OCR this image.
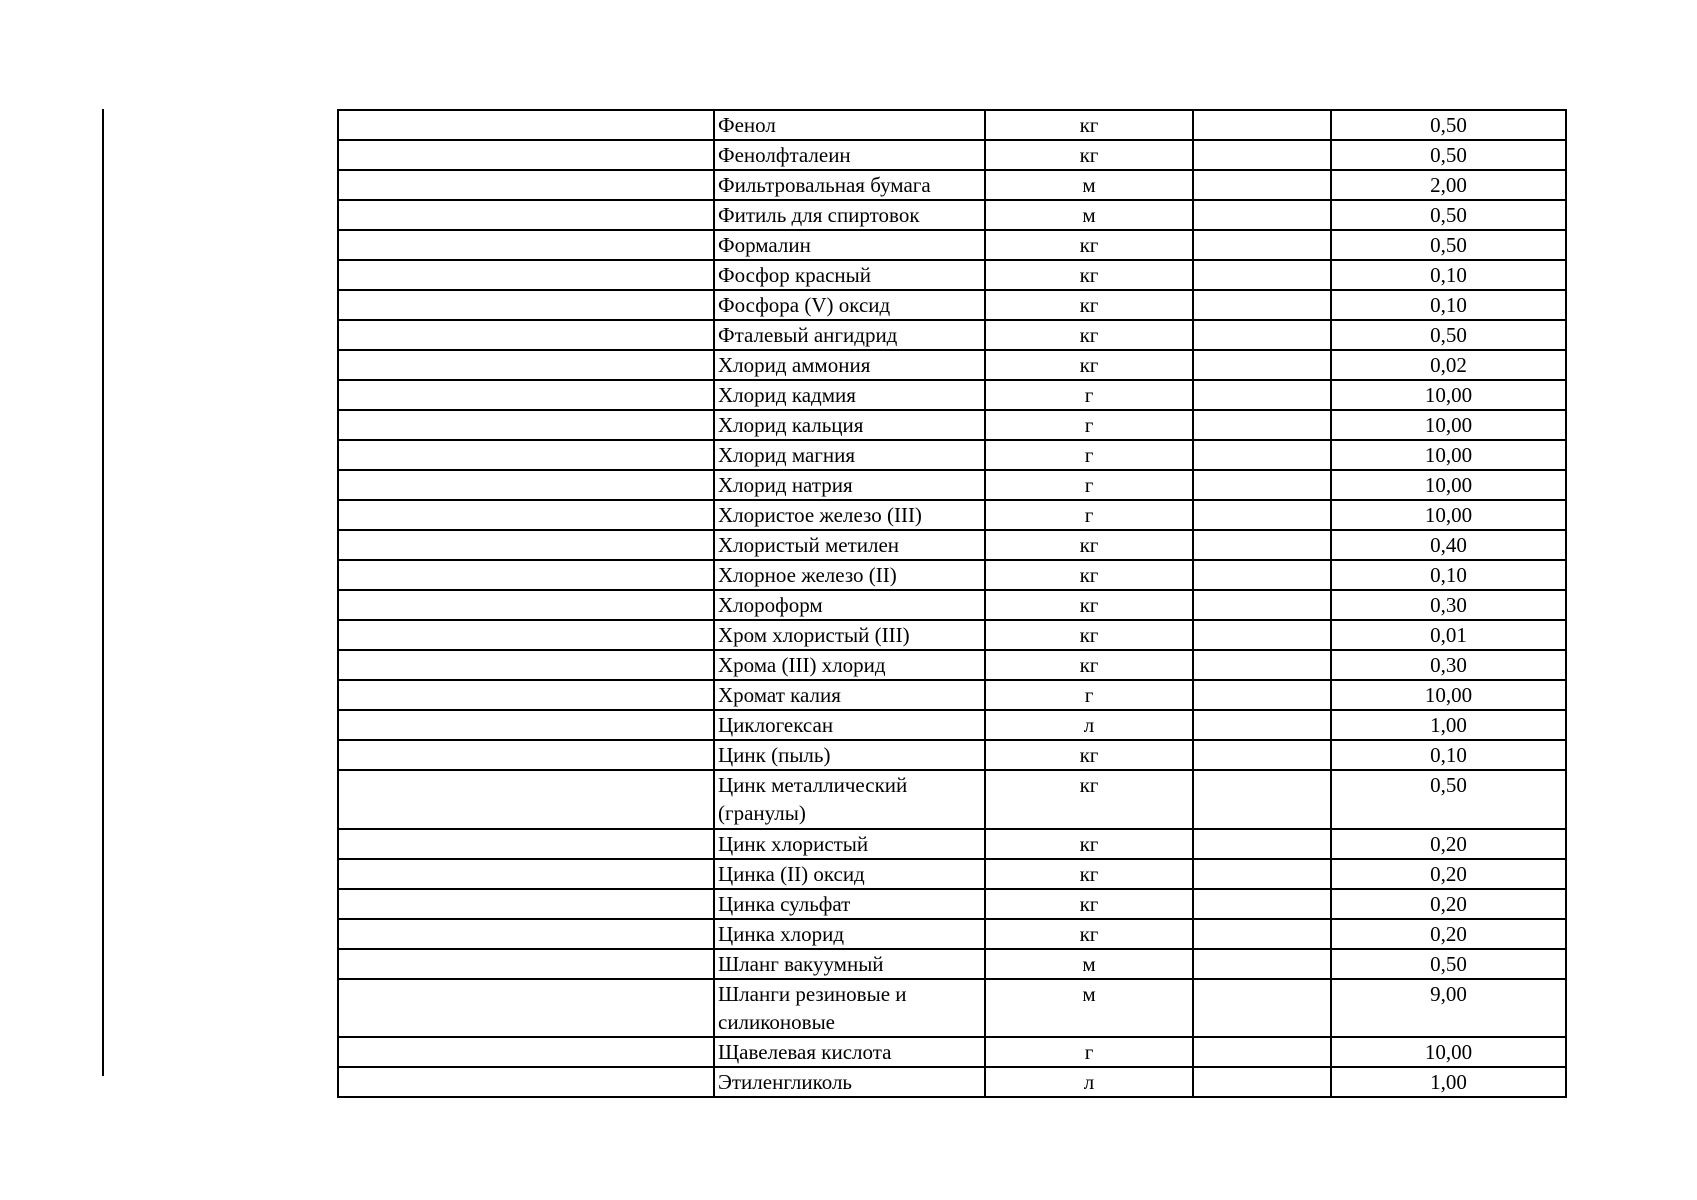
	Фенол	кг		0,50
	Фенолфталеин	кг		0,50
	Фильтровальная бумага	м		2,00
	Фитиль для спиртовок	м		0,50
	Формалин	кг		0,50
	Фосфор красный	кг		0,10
	Фосфора (V) оксид	кг		0,10
	Фталевый ангидрид	кг		0,50
	Хлорид аммония	кг		0,02
	Хлорид кадмия	г		10,00
	Хлорид кальция	г		10,00
	Хлорид магния	г		10,00
	Хлорид натрия	г		10,00
	Хлористое железо (III)	г		10,00
	Хлористый метилен	кг		0,40
	Хлорное железо (II)	кг		0,10
	Хлороформ	кг		0,30
	Хром хлористый (III)	кг		0,01
	Хрома (III) хлорид	кг		0,30
	Хромат калия	г		10,00
	Циклогексан	л		1,00
	Цинк (пыль)	кг		0,10
	Цинк металлический (гранулы)	кг		0,50
	Цинк хлористый	кг		0,20
	Цинка (II) оксид	кг		0,20
	Цинка сульфат	кг		0,20
	Цинка хлорид	кг		0,20
	Шланг вакуумный	м		0,50
	Шланги резиновые и силиконовые	м		9,00
	Щавелевая кислота	г		10,00
	Этиленгликоль	л		1,00
